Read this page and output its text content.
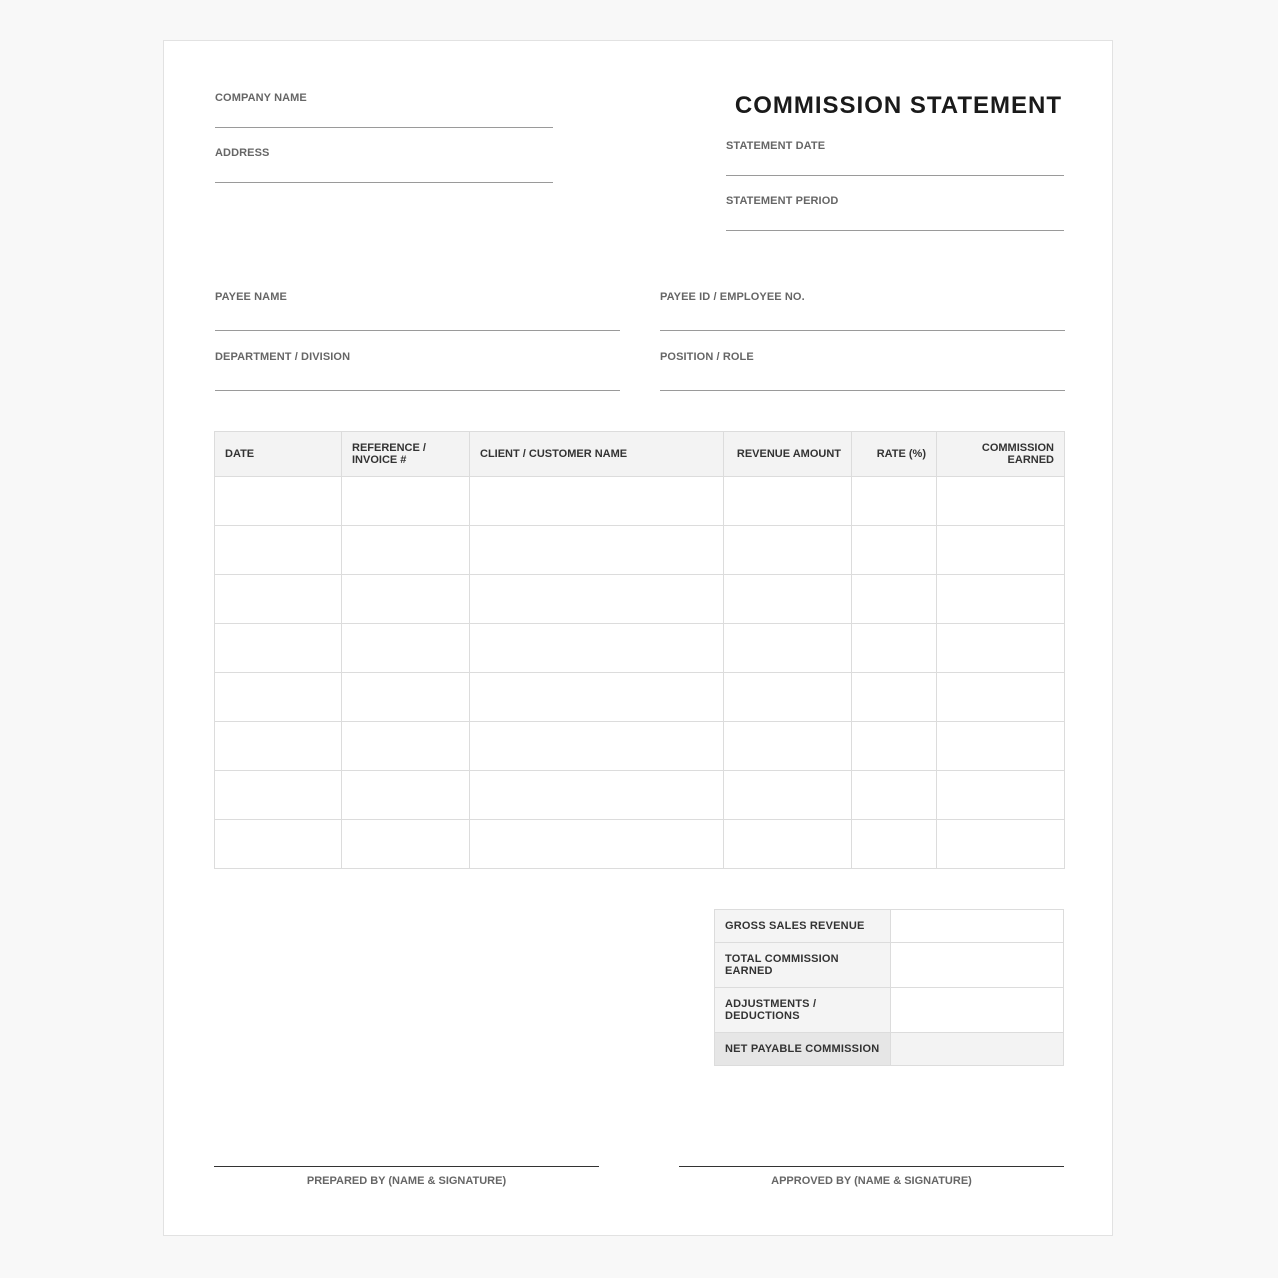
COMPANY NAME
ADDRESS
COMMISSION STATEMENT
STATEMENT DATE
STATEMENT PERIOD
PAYEE NAME	PAYEE ID / EMPLOYEE NO.
DEPARTMENT / DIVISION	POSITION / ROLE
DATE	REFERENCE / INVOICE #	CLIENT / CUSTOMER NAME	REVENUE AMOUNT	RATE (%)	COMMISSION EARNED

GROSS SALES REVENUE	
TOTAL COMMISSION EARNED	
ADJUSTMENTS / DEDUCTIONS	
NET PAYABLE COMMISSION	
PREPARED BY (NAME & SIGNATURE)	APPROVED BY (NAME & SIGNATURE)
